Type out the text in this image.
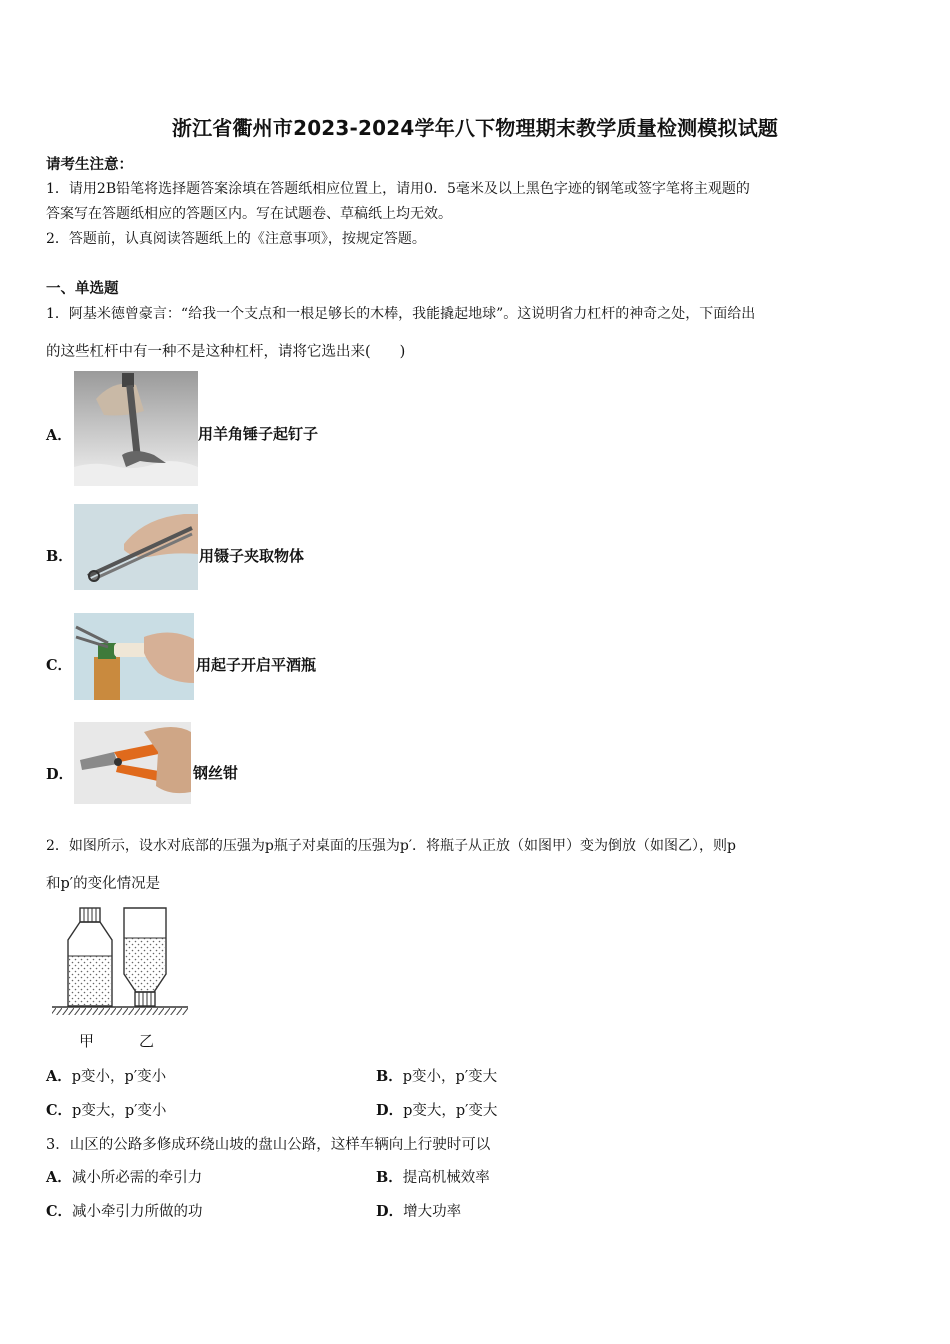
浙江省衢州市2023-2024学年八下物理期末教学质量检测模拟试题
请考生注意：
1．请用2B铅笔将选择题答案涂填在答题纸相应位置上，请用0．5毫米及以上黑色字迹的钢笔或签字笔将主观题的
答案写在答题纸相应的答题区内。写在试题卷、草稿纸上均无效。
2．答题前，认真阅读答题纸上的《注意事项》，按规定答题。
一、单选题
1．阿基米德曾豪言：“给我一个支点和一根足够长的木棒，我能撬起地球”。这说明省力杠杆的神奇之处，下面给出
的这些杠杆中有一种不是这种杠杆，请将它选出来(　　)
A．	用羊角锤子起钉子
B．	用镊子夹取物体
C．	用起子开启平酒瓶
D．	钢丝钳
2．如图所示，设水对底部的压强为p瓶子对桌面的压强为p′．将瓶子从正放（如图甲）变为倒放（如图乙），则p
和p′的变化情况是
甲	乙
A．p变小，p′变小	B．p变小，p′变大
C．p变大，p′变小	D．p变大，p′变大
3．山区的公路多修成环绕山坡的盘山公路，这样车辆向上行驶时可以
A．减小所必需的牵引力	B．提高机械效率
C．减小牵引力所做的功	D．增大功率
